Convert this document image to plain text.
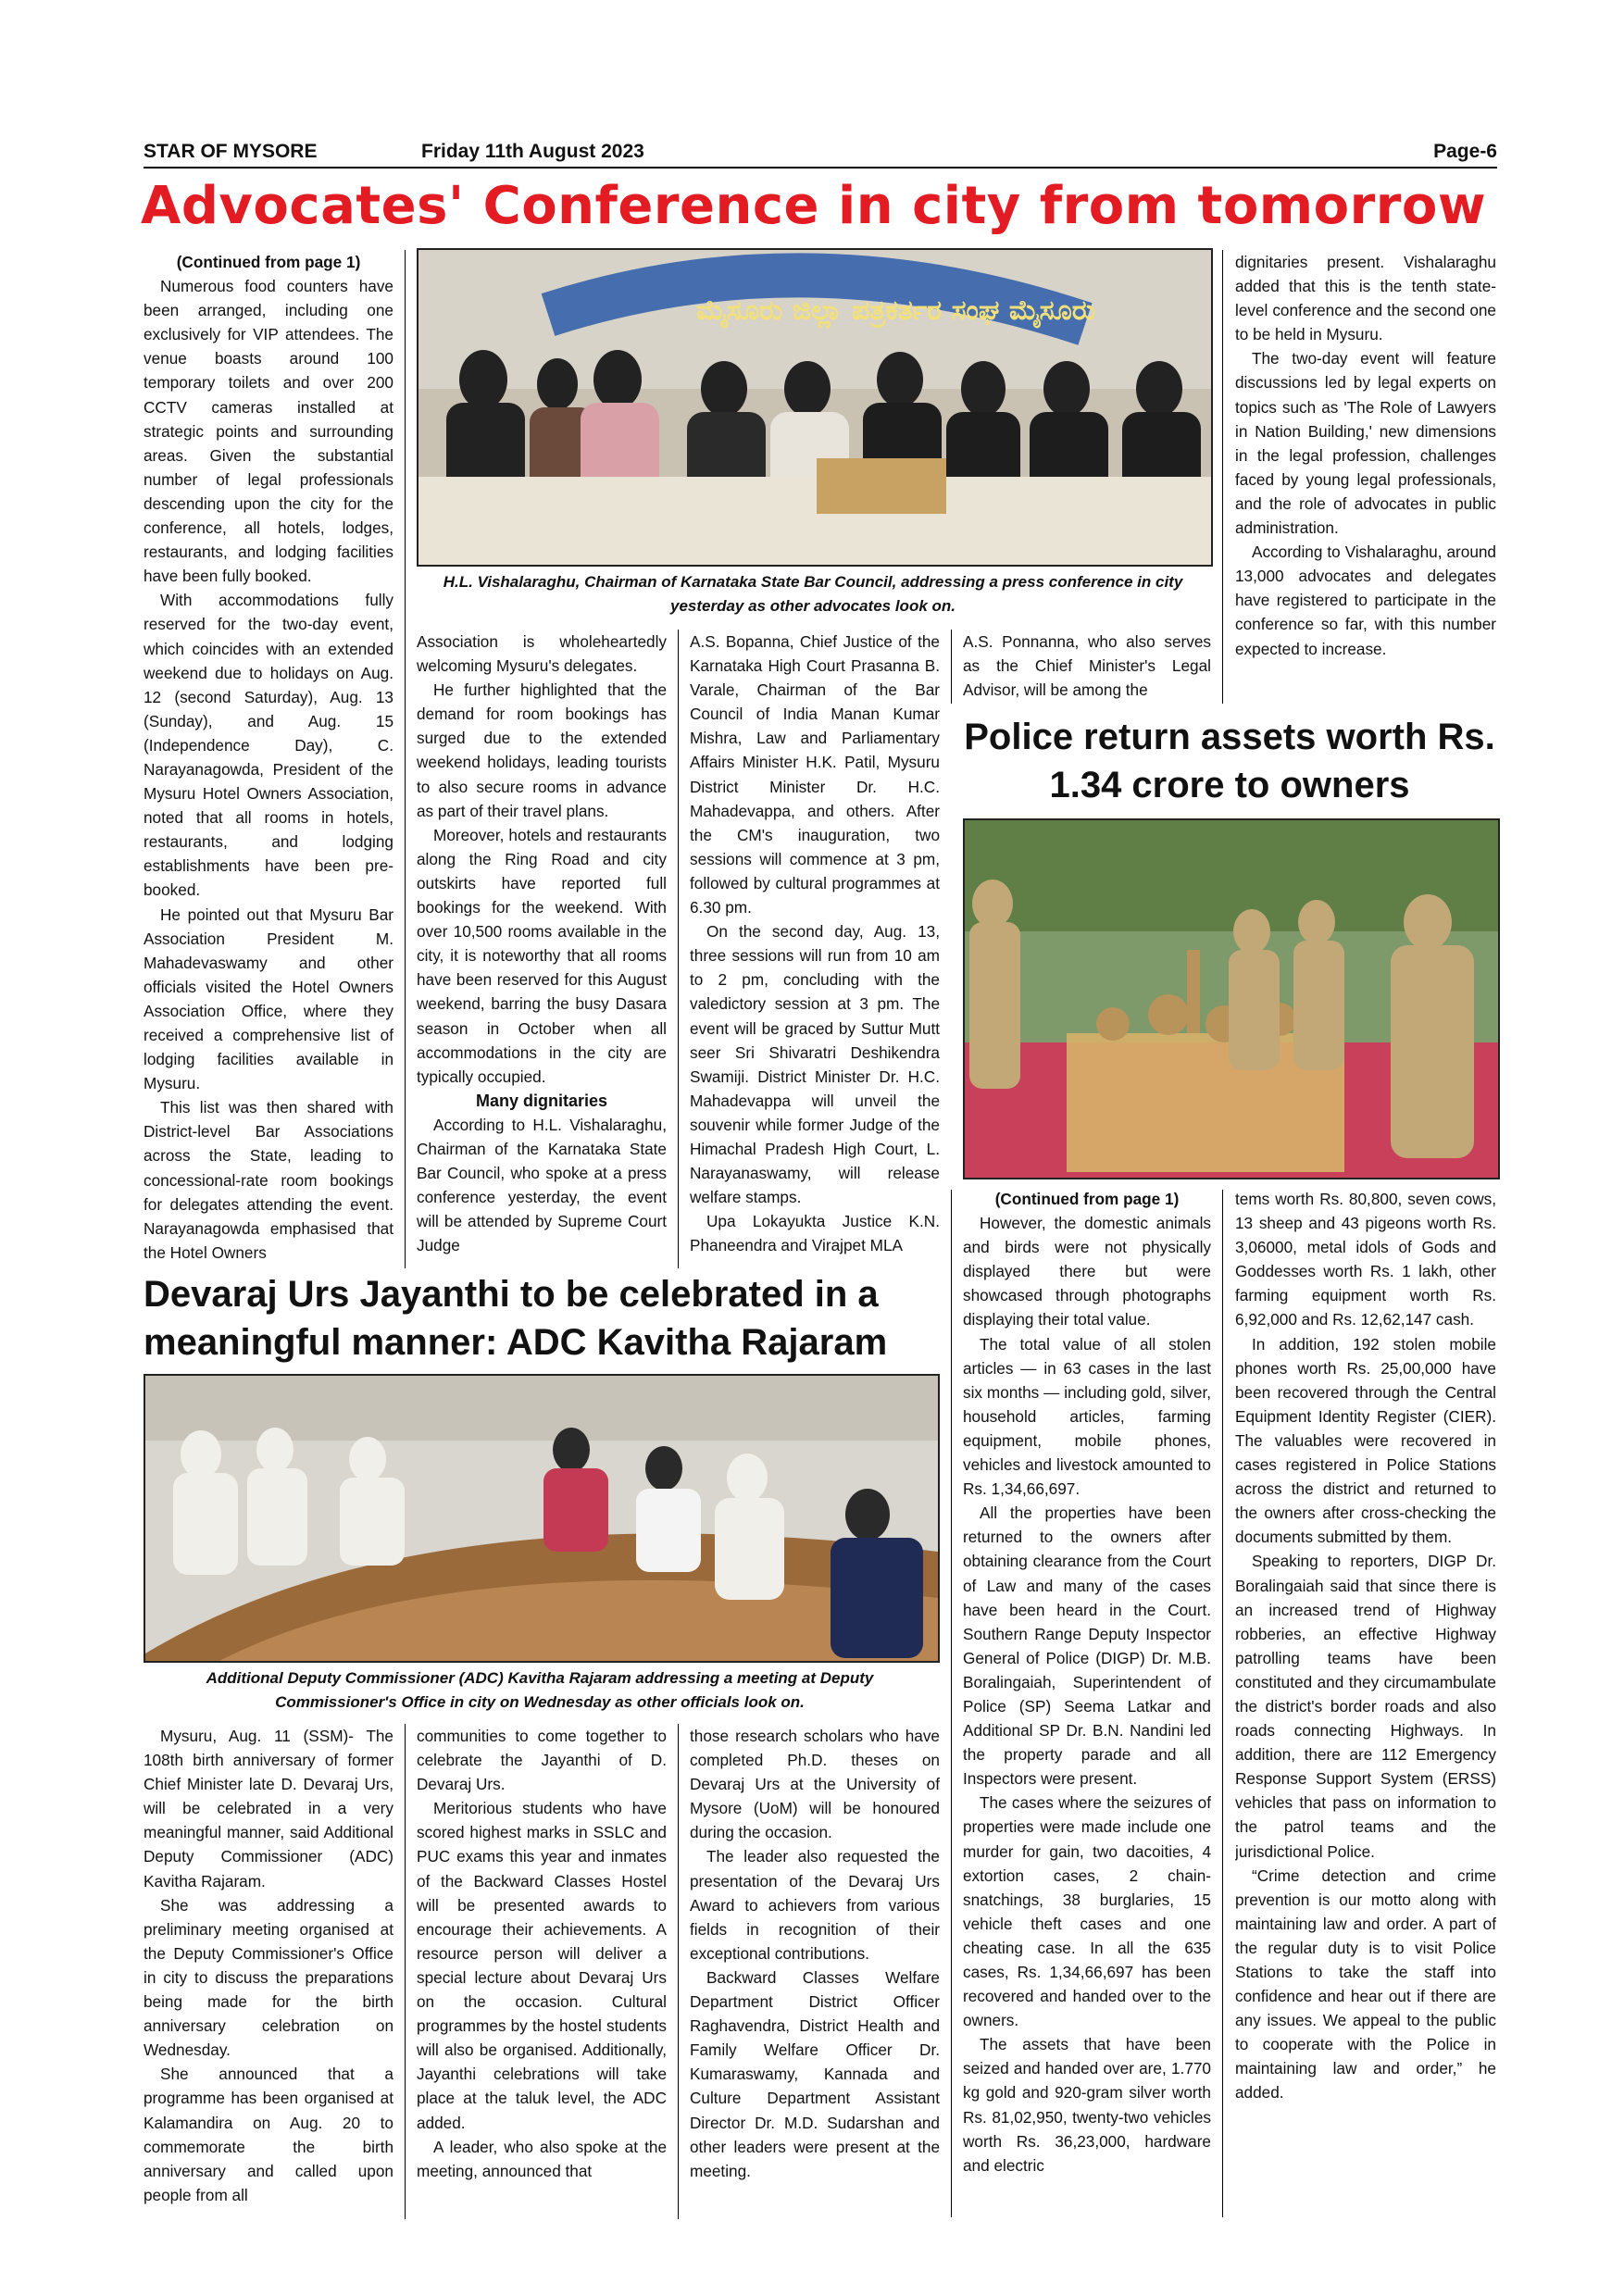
STAR OF MYSORE	Friday 11th August 2023	Page-6
Advocates' Conference in city from tomorrow

(Continued from page 1)

Numerous food counters have been arranged, including one exclusively for VIP attendees. The venue boasts around 100 temporary toilets and over 200 CCTV cameras installed at strategic points and surrounding areas. Given the substantial number of legal professionals descending upon the city for the conference, all hotels, lodges, restaurants, and lodging facilities have been fully booked.

With accommodations fully reserved for the two-day event, which coincides with an extended weekend due to holidays on Aug. 12 (second Saturday), Aug. 13 (Sunday), and Aug. 15 (Independence Day), C. Narayanagowda, President of the Mysuru Hotel Owners Association, noted that all rooms in hotels, restaurants, and lodging establishments have been pre-booked.

He pointed out that Mysuru Bar Association President M. Mahadevaswamy and other officials visited the Hotel Owners Association Office, where they received a comprehensive list of lodging facilities available in Mysuru.

This list was then shared with District-level Bar Associations across the State, leading to concessional-rate room bookings for delegates attending the event. Narayanagowda emphasised that the Hotel Owners

ಮೈಸೂರು ಜಿಲ್ಲಾ ಪತ್ರಕರ್ತರ ಸಂಘ ಮೈಸೂರು
H.L. Vishalaraghu, Chairman of Karnataka State Bar Council, addressing a press conference in city yesterday as other advocates look on.

Association is wholeheartedly welcoming Mysuru's delegates.

He further highlighted that the demand for room bookings has surged due to the extended weekend holidays, leading tourists to also secure rooms in advance as part of their travel plans.

Moreover, hotels and restaurants along the Ring Road and city outskirts have reported full bookings for the weekend. With over 10,500 rooms available in the city, it is noteworthy that all rooms have been reserved for this August weekend, barring the busy Dasara season in October when all accommodations in the city are typically occupied.

Many dignitaries

According to H.L. Vishalaraghu, Chairman of the Karnataka State Bar Council, who spoke at a press conference yesterday, the event will be attended by Supreme Court Judge

A.S. Bopanna, Chief Justice of the Karnataka High Court Prasanna B. Varale, Chairman of the Bar Council of India Manan Kumar Mishra, Law and Parliamentary Affairs Minister H.K. Patil, Mysuru District Minister Dr. H.C. Mahadevappa, and others. After the CM's inauguration, two sessions will commence at 3 pm, followed by cultural programmes at 6.30 pm.

On the second day, Aug. 13, three sessions will run from 10 am to 2 pm, concluding with the valedictory session at 3 pm. The event will be graced by Suttur Mutt seer Sri Shivaratri Deshikendra Swamiji. District Minister Dr. H.C. Mahadevappa will unveil the souvenir while former Judge of the Himachal Pradesh High Court, L. Narayanaswamy, will release welfare stamps.

Upa Lokayukta Justice K.N. Phaneendra and Virajpet MLA

A.S. Ponnanna, who also serves as the Chief Minister's Legal Advisor, will be among the

dignitaries present. Vishalaraghu added that this is the tenth state-level conference and the second one to be held in Mysuru.

The two-day event will feature discussions led by legal experts on topics such as 'The Role of Lawyers in Nation Building,' new dimensions in the legal profession, challenges faced by young legal professionals, and the role of advocates in public administration.

According to Vishalaraghu, around 13,000 advocates and delegates have registered to participate in the conference so far, with this number expected to increase.

Police return assets worth Rs. 1.34 crore to owners

(Continued from page 1)

However, the domestic animals and birds were not physically displayed there but were showcased through photographs displaying their total value.

The total value of all stolen articles — in 63 cases in the last six months — including gold, silver, household articles, farming equipment, mobile phones, vehicles and livestock amounted to Rs. 1,34,66,697.

All the properties have been returned to the owners after obtaining clearance from the Court of Law and many of the cases have been heard in the Court. Southern Range Deputy Inspector General of Police (DIGP) Dr. M.B. Boralingaiah, Superintendent of Police (SP) Seema Latkar and Additional SP Dr. B.N. Nandini led the property parade and all Inspectors were present.

The cases where the seizures of properties were made include one murder for gain, two dacoities, 4 extortion cases, 2 chain-snatchings, 38 burglaries, 15 vehicle theft cases and one cheating case. In all the 635 cases, Rs. 1,34,66,697 has been recovered and handed over to the owners.

The assets that have been seized and handed over are, 1.770 kg gold and 920-gram silver worth Rs. 81,02,950, twenty-two vehicles worth Rs. 36,23,000, hardware and electric

tems worth Rs. 80,800, seven cows, 13 sheep and 43 pigeons worth Rs. 3,06000, metal idols of Gods and Goddesses worth Rs. 1 lakh, other farming equipment worth Rs. 6,92,000 and Rs. 12,62,147 cash.

In addition, 192 stolen mobile phones worth Rs. 25,00,000 have been recovered through the Central Equipment Identity Register (CIER). The valuables were recovered in cases registered in Police Stations across the district and returned to the owners after cross-checking the documents submitted by them.

Speaking to reporters, DIGP Dr. Boralingaiah said that since there is an increased trend of Highway robberies, an effective Highway patrolling teams have been constituted and they circumambulate the district's border roads and also roads connecting Highways. In addition, there are 112 Emergency Response Support System (ERSS) vehicles that pass on information to the patrol teams and the jurisdictional Police.

“Crime detection and crime prevention is our motto along with maintaining law and order. A part of the regular duty is to visit Police Stations to take the staff into confidence and hear out if there are any issues. We appeal to the public to cooperate with the Police in maintaining law and order,” he added.

Devaraj Urs Jayanthi to be celebrated in a meaningful manner: ADC Kavitha Rajaram
Additional Deputy Commissioner (ADC) Kavitha Rajaram addressing a meeting at Deputy Commissioner's Office in city on Wednesday as other officials look on.

Mysuru, Aug. 11 (SSM)- The 108th birth anniversary of former Chief Minister late D. Devaraj Urs, will be celebrated in a very meaningful manner, said Additional Deputy Commissioner (ADC) Kavitha Rajaram.

She was addressing a preliminary meeting organised at the Deputy Commissioner's Office in city to discuss the preparations being made for the birth anniversary celebration on Wednesday.

She announced that a programme has been organised at Kalamandira on Aug. 20 to commemorate the birth anniversary and called upon people from all

communities to come together to celebrate the Jayanthi of D. Devaraj Urs.

Meritorious students who have scored highest marks in SSLC and PUC exams this year and inmates of the Backward Classes Hostel will be presented awards to encourage their achievements. A resource person will deliver a special lecture about Devaraj Urs on the occasion. Cultural programmes by the hostel students will also be organised. Additionally, Jayanthi celebrations will take place at the taluk level, the ADC added.

A leader, who also spoke at the meeting, announced that

those research scholars who have completed Ph.D. theses on Devaraj Urs at the University of Mysore (UoM) will be honoured during the occasion.

The leader also requested the presentation of the Devaraj Urs Award to achievers from various fields in recognition of their exceptional contributions.

Backward Classes Welfare Department District Officer Raghavendra, District Health and Family Welfare Officer Dr. Kumaraswamy, Kannada and Culture Department Assistant Director Dr. M.D. Sudarshan and other leaders were present at the meeting.
